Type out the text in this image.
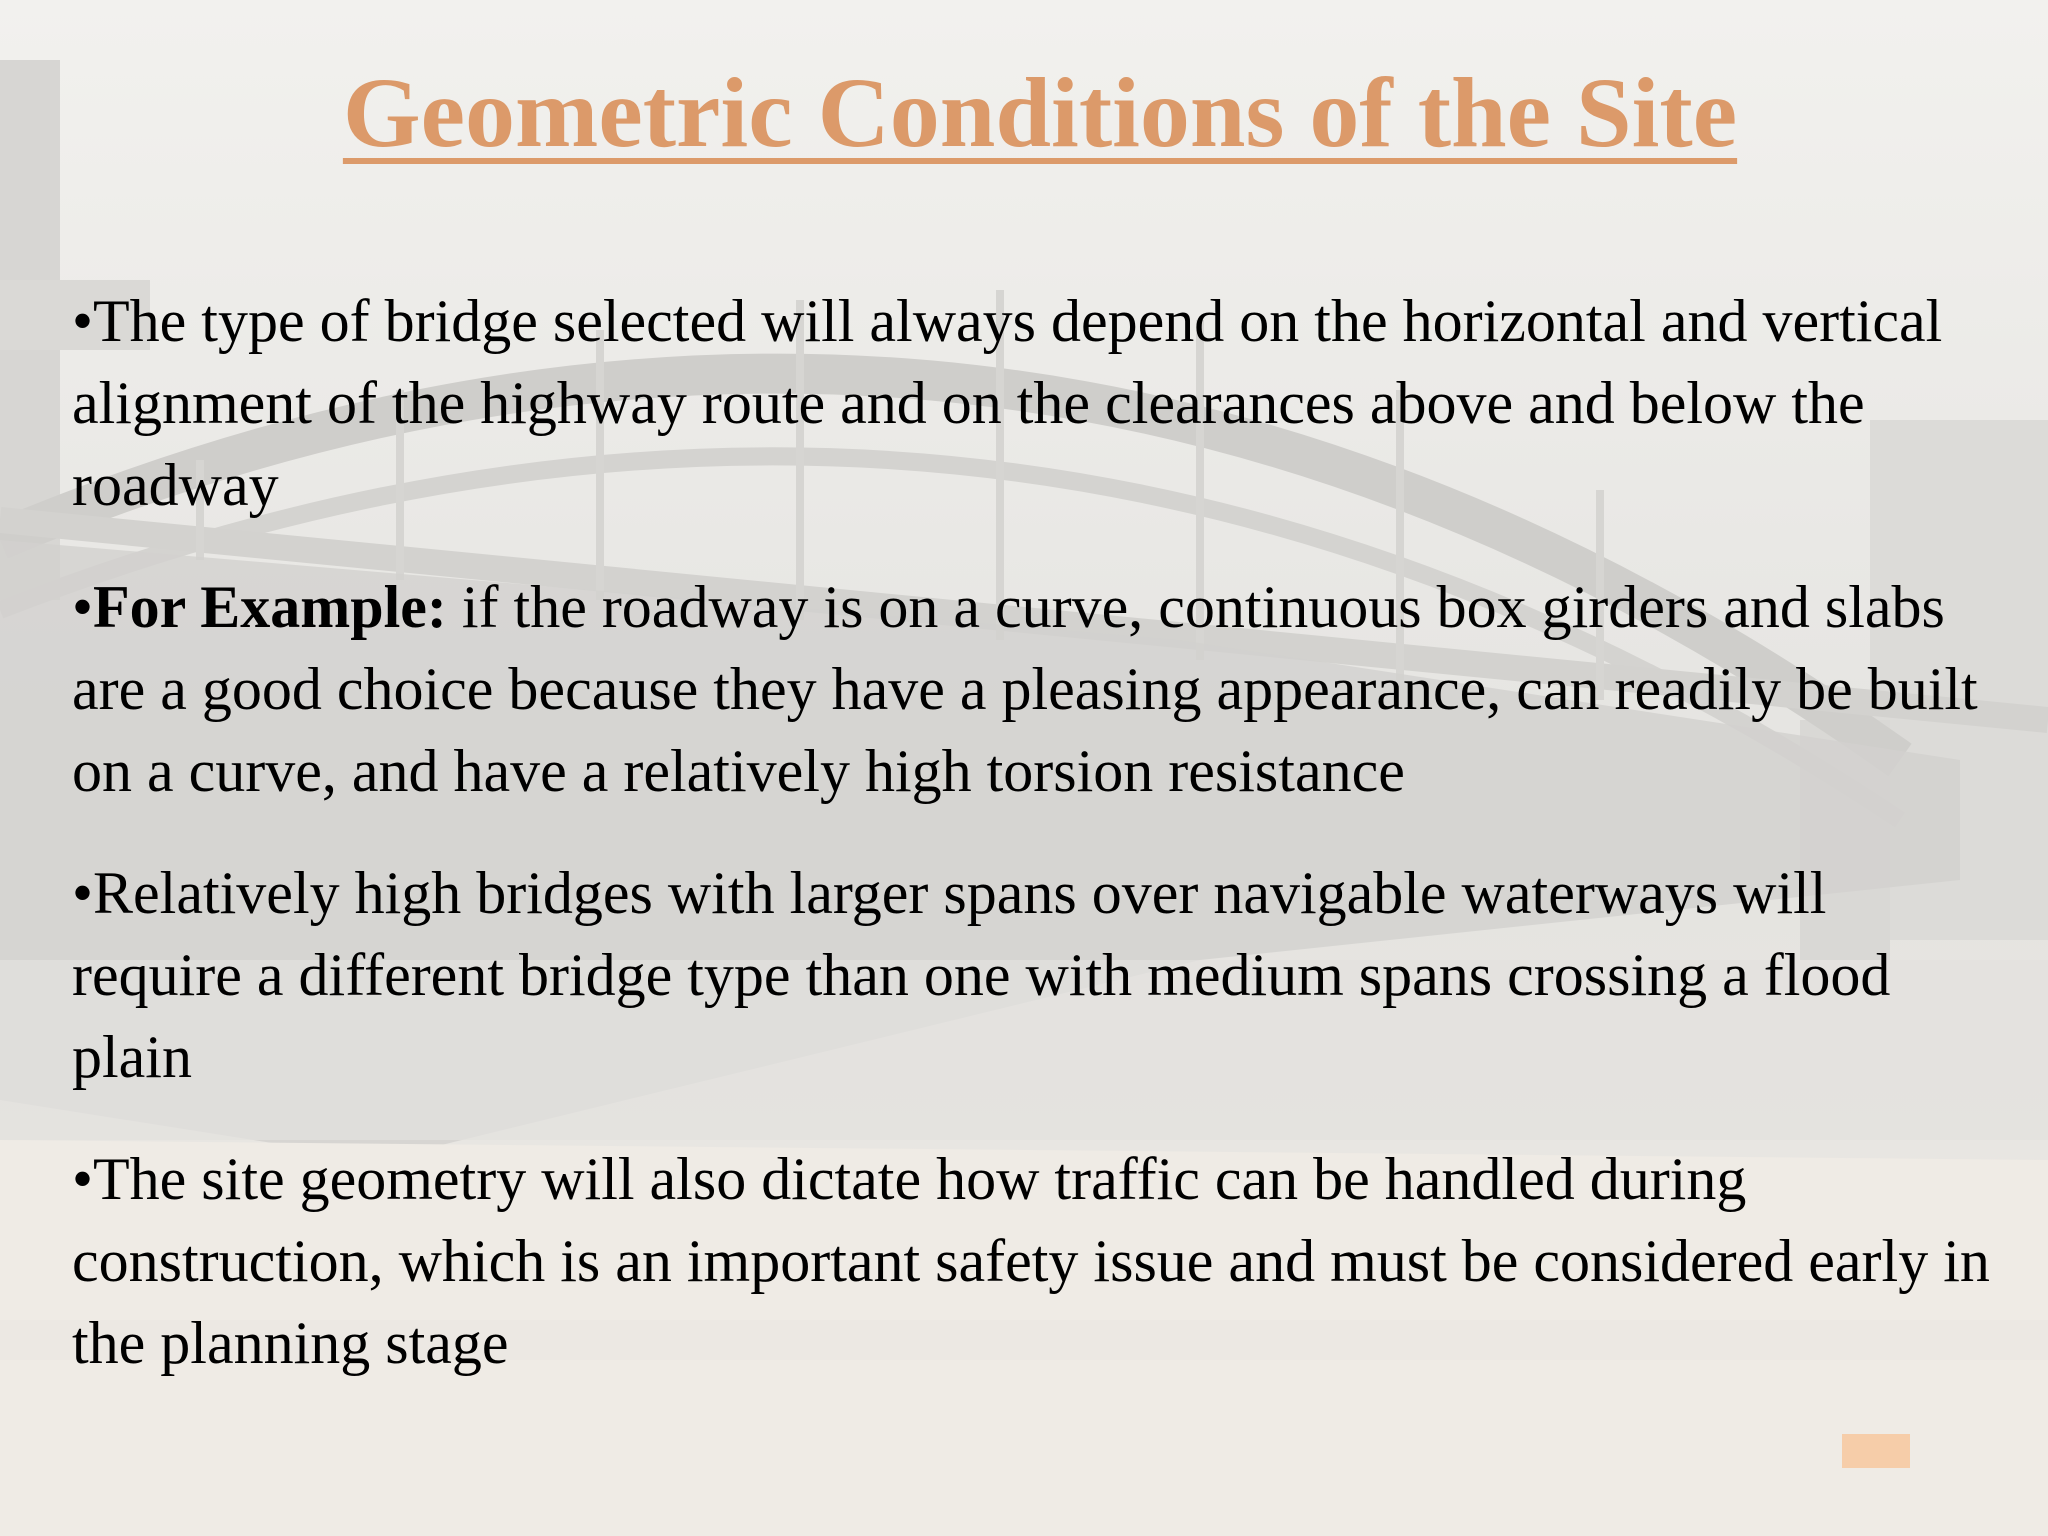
Geometric Conditions of the Site
•The type of bridge selected will always depend on the horizontal and vertical alignment of the highway route and on the clearances above and below the roadway
•For Example: if the roadway is on a curve, continuous box girders and slabs are a good choice because they have a pleasing appearance, can readily be built on a curve, and have a relatively high torsion resistance
•Relatively high bridges with larger spans over navigable waterways will require a different bridge type than one with medium spans crossing a flood plain
•The site geometry will also dictate how traffic can be handled during construction, which is an important safety issue and must be considered early in the planning stage
